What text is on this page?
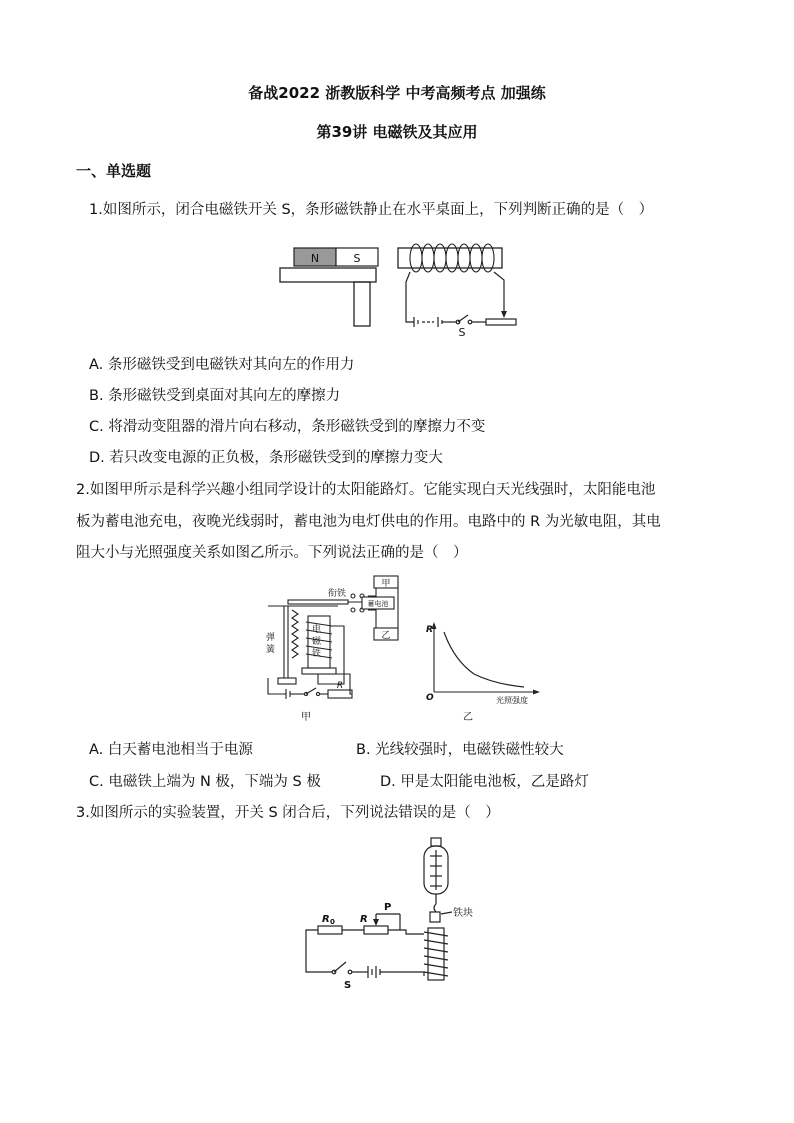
备战2022 浙教版科学 中考高频考点 加强练
第39讲 电磁铁及其应用
一、单选题
1.如图所示，闭合电磁铁开关 S，条形磁铁静止在水平桌面上，下列判断正确的是（　）
N	S
S
A. 条形磁铁受到电磁铁对其向左的作用力
B. 条形磁铁受到桌面对其向左的摩擦力
C. 将滑动变阻器的滑片向右移动，条形磁铁受到的摩擦力不变
D. 若只改变电源的正负极，条形磁铁受到的摩擦力变大
2.如图甲所示是科学兴趣小组同学设计的太阳能路灯。它能实现白天光线强时，太阳能电池
板为蓄电池充电，夜晚光线弱时，蓄电池为电灯供电的作用。电路中的 R 为光敏电阻，其电
阻大小与光照强度关系如图乙所示。下列说法正确的是（　）
衔铁
甲
蓄电池
乙
弹
簧
电
磁
铁
R
甲
R
O	光照强度
乙
A. 白天蓄电池相当于电源	B. 光线较强时，电磁铁磁性较大
C. 电磁铁上端为 N 极，下端为 S 极	D. 甲是太阳能电池板，乙是路灯
3.如图所示的实验装置，开关 S 闭合后，下列说法错误的是（　）
铁块
R 0	R
P
S
